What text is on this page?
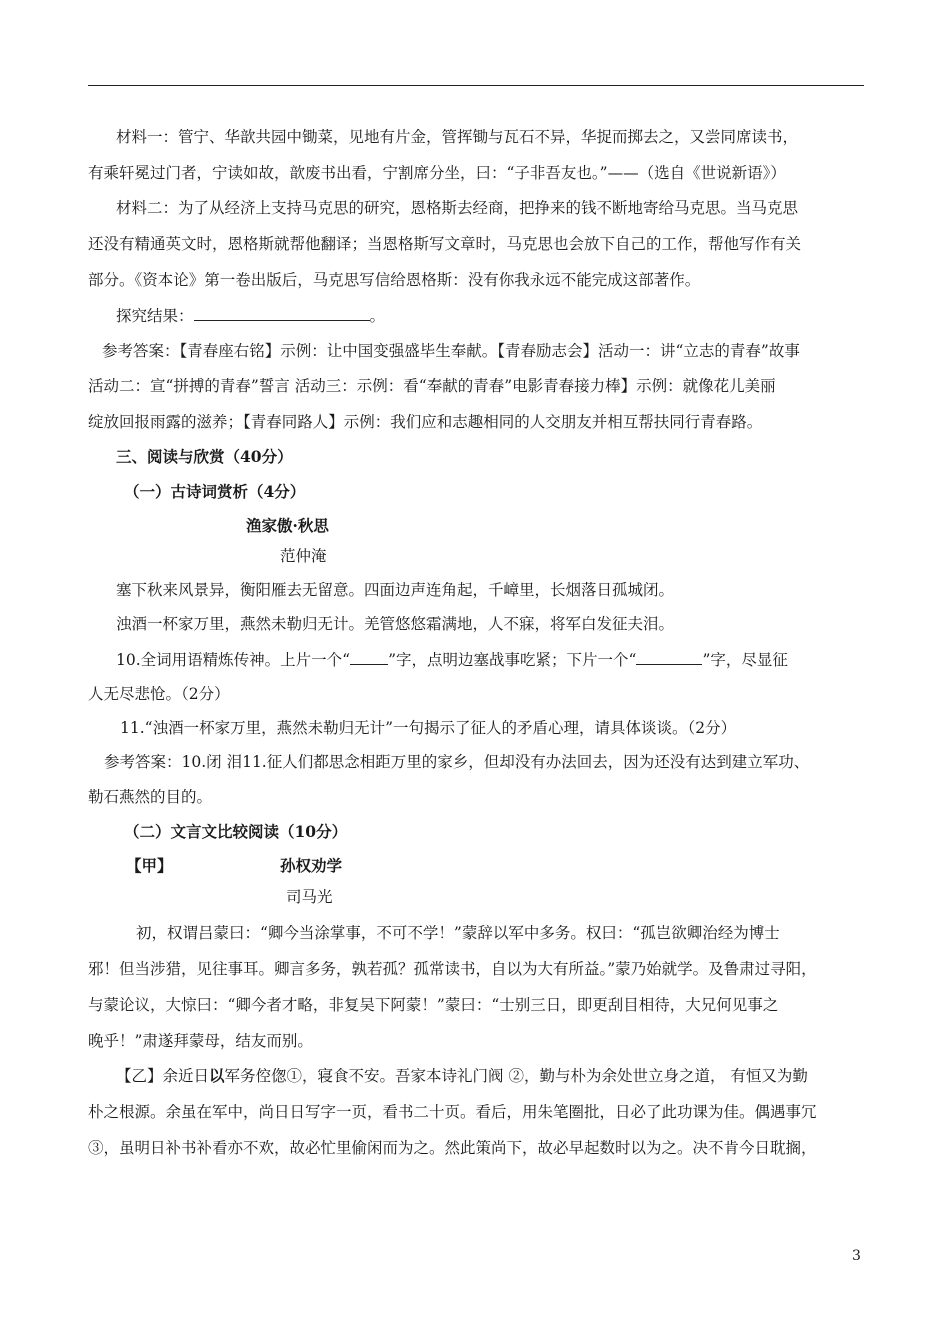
材料一：管宁、华歆共园中锄菜，见地有片金，管挥锄与瓦石不异，华捉而掷去之，又尝同席读书，
有乘轩冕过门者，宁读如故，歆废书出看，宁割席分坐，曰：“子非吾友也。”——（选自《世说新语》）
材料二：为了从经济上支持马克思的研究，恩格斯去经商，把挣来的钱不断地寄给马克思。当马克思
还没有精通英文时，恩格斯就帮他翻译；当恩格斯写文章时，马克思也会放下自己的工作，帮他写作有关
部分。《资本论》第一卷出版后，马克思写信给恩格斯：没有你我永远不能完成这部著作。
探究结果：	。
参考答案：【青春座右铭】示例：让中国变强盛毕生奉献。【青春励志会】活动一：讲“立志的青春”故事
活动二：宣“拼搏的青春”誓言 活动三：示例：看“奉献的青春”电影青春接力棒】示例：就像花儿美丽
绽放回报雨露的滋养；【青春同路人】示例：我们应和志趣相同的人交朋友并相互帮扶同行青春路。
三、阅读与欣赏（40分）
（一）古诗词赏析（4分）
渔家傲·秋思
范仲淹
塞下秋来风景异，衡阳雁去无留意。四面边声连角起，千嶂里，长烟落日孤城闭。
浊酒一杯家万里，燕然未勒归无计。羌管悠悠霜满地，人不寐，将军白发征夫泪。
10.全词用语精炼传神。上片一个“ ”字，点明边塞战事吃紧；下片一个“	”字，尽显征
人无尽悲怆。（2分）
11.“浊酒一杯家万里，燕然未勒归无计”一句揭示了征人的矛盾心理，请具体谈谈。（2分）
参考答案：10.闭 泪11.征人们都思念相距万里的家乡，但却没有办法回去，因为还没有达到建立军功、
勒石燕然的目的。
（二）文言文比较阅读（10分）
【甲】	孙权劝学
司马光
初，权谓吕蒙曰：“卿今当涂掌事，不可不学！”蒙辞以军中多务。权曰：“孤岂欲卿治经为博士
邪！但当涉猎，见往事耳。卿言多务，孰若孤？孤常读书，自以为大有所益。”蒙乃始就学。及鲁肃过寻阳，
与蒙论议，大惊曰：“卿今者才略，非复吴下阿蒙！”蒙曰：“士别三日，即更刮目相待，大兄何见事之
晚乎！”肃遂拜蒙母，结友而别。
【乙】余近日以军务倥偬①，寝食不安。吾家本诗礼门阀 ②，勤与朴为余处世立身之道， 有恒又为勤
朴之根源。余虽在军中，尚日日写字一页，看书二十页。看后，用朱笔圈批，日必了此功课为佳。偶遇事冗
③，虽明日补书补看亦不欢，故必忙里偷闲而为之。然此策尚下，故必早起数时以为之。决不肯今日耽搁，
3
